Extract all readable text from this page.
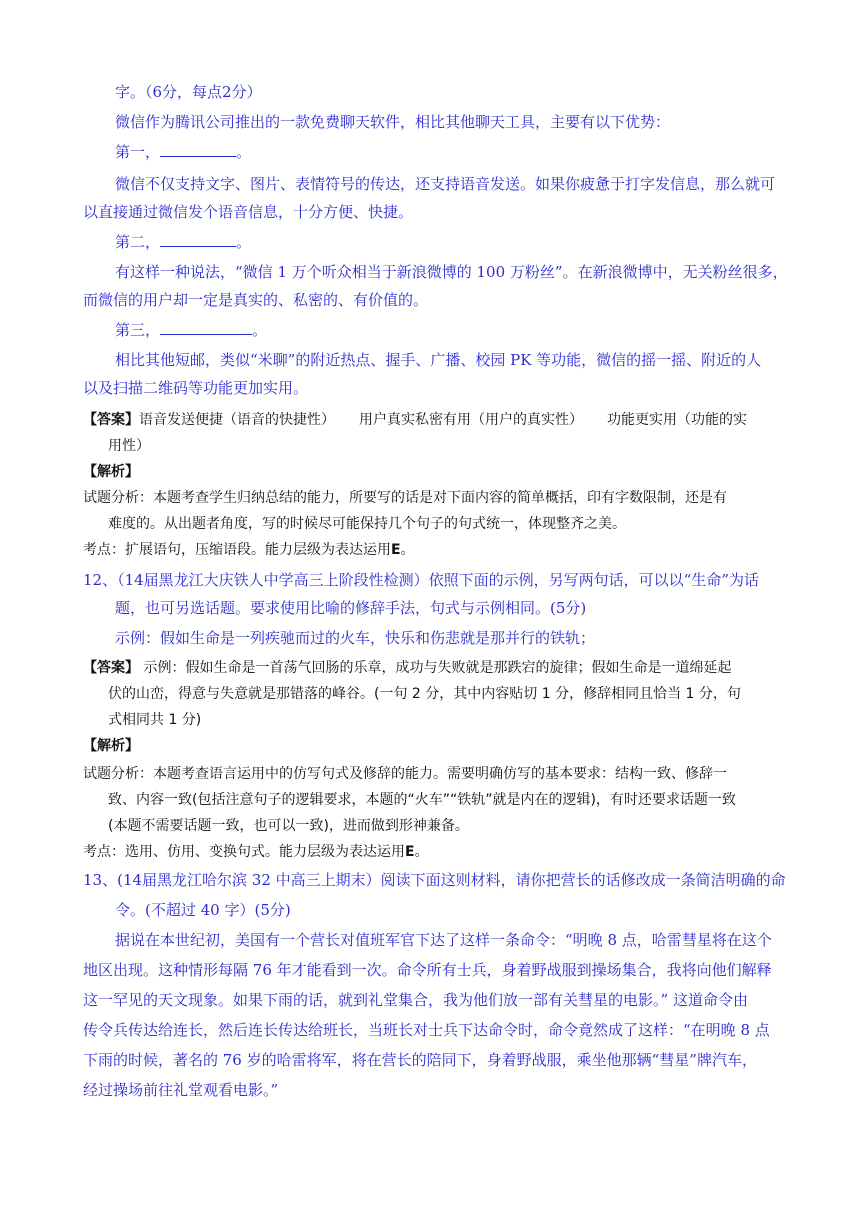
字。（6分，每点2分）
微信作为腾讯公司推出的一款免费聊天软件，相比其他聊天工具，主要有以下优势：
第一，	。
微信不仅支持文字、图片、表情符号的传达，还支持语音发送。如果你疲惫于打字发信息，那么就可
以直接通过微信发个语音信息，十分方便、快捷。
第二，	。
有这样一种说法，“微信 1 万个听众相当于新浪微博的 100 万粉丝”。在新浪微博中，无关粉丝很多，
而微信的用户却一定是真实的、私密的、有价值的。
第三，	。
相比其他短邮，类似“米聊”的附近热点、握手、广播、校园 PK 等功能，微信的摇一摇、附近的人
以及扫描二维码等功能更加实用。
【答案】语音发送便捷（语音的快捷性） 用户真实私密有用（用户的真实性） 功能更实用（功能的实
用性）
【解析】
试题分析：本题考查学生归纳总结的能力，所要写的话是对下面内容的简单概括，印有字数限制，还是有
难度的。从出题者角度，写的时候尽可能保持几个句子的句式统一，体现整齐之美。
考点：扩展语句，压缩语段。能力层级为表达运用E。
12、（14届黑龙江大庆铁人中学高三上阶段性检测）依照下面的示例，另写两句话，可以以“生命”为话
题，也可另选话题。要求使用比喻的修辞手法，句式与示例相同。(5分)
示例：假如生命是一列疾驰而过的火车，快乐和伤悲就是那并行的铁轨；
【答案】 示例：假如生命是一首荡气回肠的乐章，成功与失败就是那跌宕的旋律；假如生命是一道绵延起
伏的山峦，得意与失意就是那错落的峰谷。(一句 2 分，其中内容贴切 1 分，修辞相同且恰当 1 分，句
式相同共 1 分)
【解析】
试题分析：本题考查语言运用中的仿写句式及修辞的能力。需要明确仿写的基本要求：结构一致、修辞一
致、内容一致(包括注意句子的逻辑要求，本题的“火车”“铁轨”就是内在的逻辑)，有时还要求话题一致
(本题不需要话题一致，也可以一致)，进而做到形神兼备。
考点：选用、仿用、变换句式。能力层级为表达运用E。
13、(14届黑龙江哈尔滨 32 中高三上期末）阅读下面这则材料，请你把营长的话修改成一条简洁明确的命
令。(不超过 40 字）(5分)
据说在本世纪初，美国有一个营长对值班军官下达了这样一条命令：“明晚 8 点，哈雷彗星将在这个
地区出现。这种情形每隔 76 年才能看到一次。命令所有士兵，身着野战服到操场集合，我将向他们解释
这一罕见的天文现象。如果下雨的话，就到礼堂集合，我为他们放一部有关彗星的电影。” 这道命令由
传令兵传达给连长，然后连长传达给班长，当班长对士兵下达命令时，命令竟然成了这样：“在明晚 8 点
下雨的时候，著名的 76 岁的哈雷将军，将在营长的陪同下，身着野战服，乘坐他那辆“彗星”牌汽车，
经过操场前往礼堂观看电影。”
